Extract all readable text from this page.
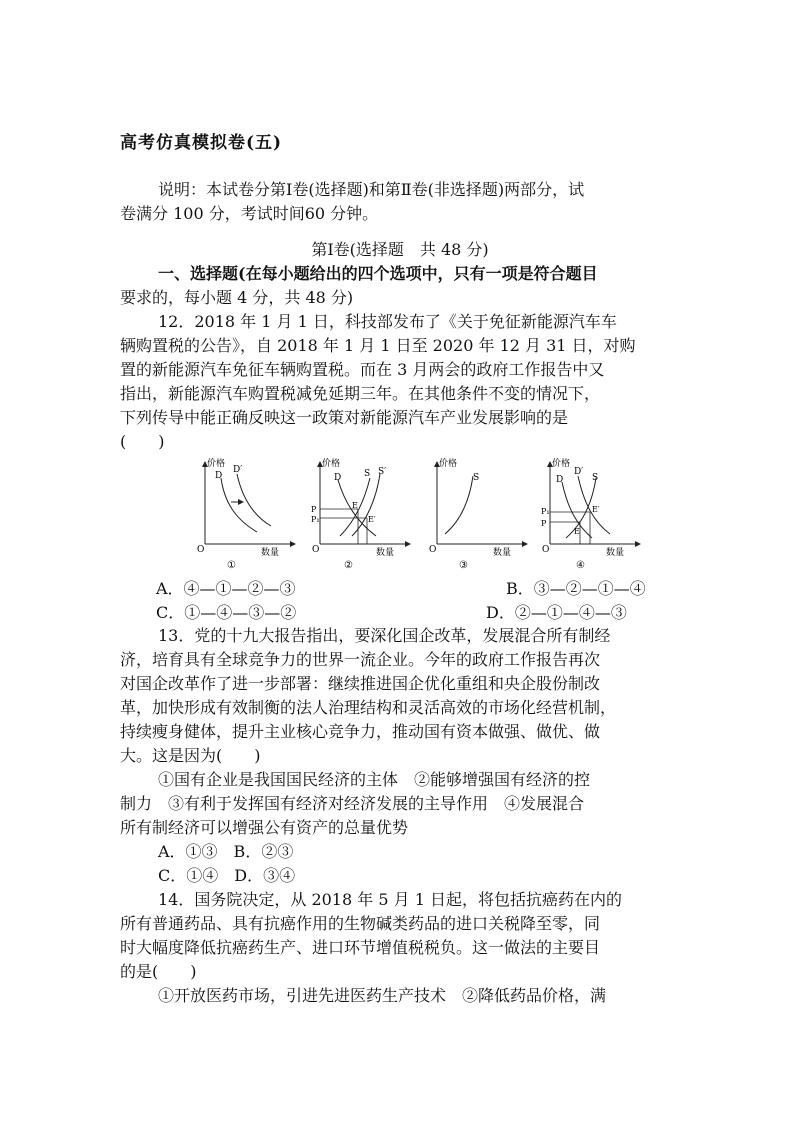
高考仿真模拟卷(五)
说明：本试卷分第Ⅰ卷(选择题)和第Ⅱ卷(非选择题)两部分，试
卷满分 100 分，考试时间60 分钟。
第Ⅰ卷(选择题　共 48 分)
一、选择题(在每小题给出的四个选项中，只有一项是符合题目
要求的，每小题 4 分，共 48 分)
12．2018 年 1 月 1 日，科技部发布了《关于免征新能源汽车车
辆购置税的公告》，自 2018 年 1 月 1 日至 2020 年 12 月 31 日，对购
置的新能源汽车免征车辆购置税。而在 3 月两会的政府工作报告中又
指出，新能源汽车购置税减免延期三年。在其他条件不变的情况下，
下列传导中能正确反映这一政策对新能源汽车产业发展影响的是
(　　)
价格
数量
O
D
D′
①
价格
数量
O
D	S S′
P
P₁
E
E′
②
价格
数量
O
S
③
价格
数量
O
D
D′
S
P₁
P
E′
E
④
A．④—①—②—③	B．③—②—①—④
C．①—④—③—②	D．②—①—④—③
13．党的十九大报告指出，要深化国企改革，发展混合所有制经
济，培育具有全球竞争力的世界一流企业。今年的政府工作报告再次
对国企改革作了进一步部署：继续推进国企优化重组和央企股份制改
革，加快形成有效制衡的法人治理结构和灵活高效的市场化经营机制，
持续瘦身健体，提升主业核心竞争力，推动国有资本做强、做优、做
大。这是因为(　　)
①国有企业是我国国民经济的主体　②能够增强国有经济的控
制力　③有利于发挥国有经济对经济发展的主导作用　④发展混合
所有制经济可以增强公有资产的总量优势
A．①③　B．②③
C．①④　D．③④
14．国务院决定，从 2018 年 5 月 1 日起，将包括抗癌药在内的
所有普通药品、具有抗癌作用的生物碱类药品的进口关税降至零，同
时大幅度降低抗癌药生产、进口环节增值税税负。这一做法的主要目
的是(　　)
①开放医药市场，引进先进医药生产技术　②降低药品价格，满
